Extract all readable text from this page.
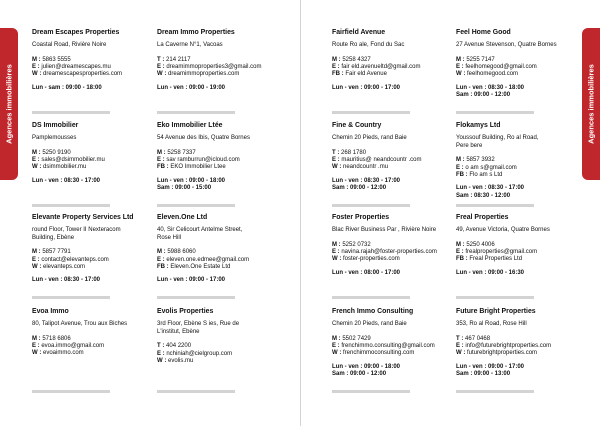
Agences immobilières	Agences immobilières
Dream Escapes Properties
Coastal Road, Rivière Noire
M : 5863 5555
E : julien@dreamescapes.mu
W : dreamescapesproperties.com
Lun - sam : 09:00 - 18:00
DS Immobilier
Pamplemousses
M : 5250 9190
E : sales@dsimmobilier.mu
W : dsimmobilier.mu
Lun - ven : 08:30 - 17:00
Elevante Property Services Ltd
round Floor, Tower II Nexteracom
Building, Ebène
M : 5857 7791
E : contact@elevanteps.com
W : elevanteps.com
Lun - ven : 08:30 - 17:00
Evoa Immo
80, Talipot Avenue, Trou aux Biches
M : 5718 6806
E : evoa.immo@gmail.com
W : evoaimmo.com
Dream Immo Properties
La Caverne N°1, Vacoas
T : 214 2117
E : dreamimmoproperties3@gmail.com
W : dreamimmoproperties.com
Lun - ven : 09:00 - 19:00
Eko Immobilier Ltée
54 Avenue des Ibis, Quatre Bornes
M : 5258 7337
E : sav ramburrun@icloud.com
FB : EKO Immobilier Ltee
Lun - ven : 09:00 - 18:00
Sam : 09:00 - 15:00
Eleven.One Ltd
40, Sir Celicourt Antelme Street,
Rose Hill
M : 5988 6060
E : eleven.one.edmee@gmail.com
FB : Eleven.One Estate Ltd
Lun - ven : 09:00 - 17:00
Evolis Properties
3rd Floor, Ebène S ies, Rue de
L'institut, Ebène
T : 404 2200
E : nchiniah@cielgroup.com
W : evolis.mu
Fairfield Avenue
Route Ro ale, Fond du Sac
M : 5258 4327
E : fair eld.avenueltd@gmail.com
FB : Fair eld Avenue
Lun - ven : 09:00 - 17:00
Fine & Country
Chemin 20 Pieds, rand Baie
T : 268 1780
E : mauritius@ neandcountr .com
W : neandcountr .mu
Lun - ven : 08:30 - 17:00
Sam : 09:00 - 12:00
Foster Properties
Blac River Business Par , Rivière Noire
M : 5252 0732
E : navina.rajah@foster-properties.com
W : foster-properties.com
Lun - ven : 08:00 - 17:00
French Immo Consulting
Chemin 20 Pieds, rand Baie
M : 5502 7429
E : frenchimmo.consulting@gmail.com
W : frenchimmoconsulting.com
Lun - ven : 09:00 - 18:00
Sam : 09:00 - 12:00
Feel Home Good
27 Avenue Stevenson, Quatre Bornes
M : 5255 7147
E : feelhomegood@gmail.com
W : feelhomegood.com
Lun - ven : 08:30 - 18:00
Sam : 09:00 - 12:00
Flokamys Ltd
Youssouf Building, Ro al Road,
Pere bere
M : 5857 3932
E : o am s@gmail.com
FB : Flo am s Ltd
Lun - ven : 08:30 - 17:00
Sam : 08:30 - 12:00
Freal Properties
49, Avenue Victoria, Quatre Bornes
M : 5250 4006
E : frealproperties@gmail.com
FB : Freal Properties Ltd
Lun - ven : 09:00 - 16:30
Future Bright Properties
353, Ro al Road, Rose Hill
T : 467 0468
E : info@futurebrightproperties.com
W : futurebrightproperties.com
Lun - ven : 09:00 - 17:00
Sam : 09:00 - 13:00
